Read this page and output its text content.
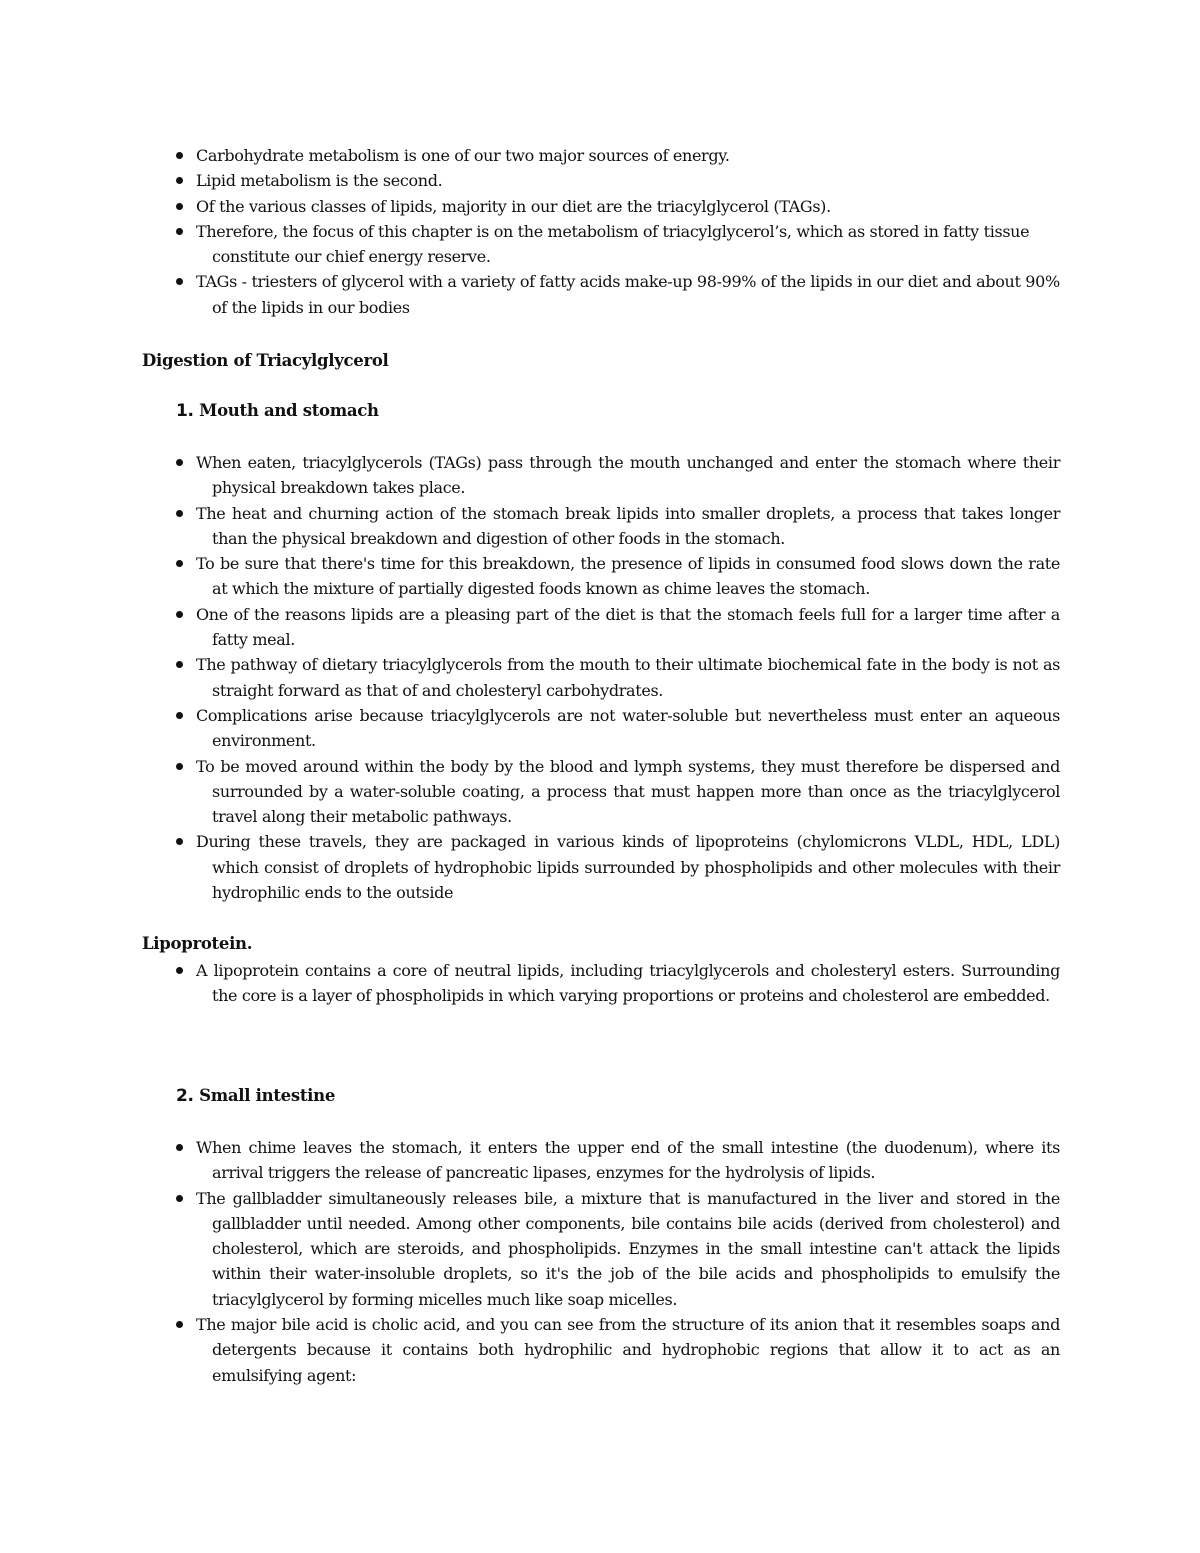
Carbohydrate metabolism is one of our two major sources of energy.
Lipid metabolism is the second.
Of the various classes of lipids, majority in our diet are the triacylglycerol (TAGs).
Therefore, the focus of this chapter is on the metabolism of triacylglycerol’s, which as stored in fatty tissue constitute our chief energy reserve.
TAGs - triesters of glycerol with a variety of fatty acids make-up 98-99% of the lipids in our diet and about 90% of the lipids in our bodies
Digestion of Triacylglycerol
1. Mouth and stomach
When eaten, triacylglycerols (TAGs) pass through the mouth unchanged and enter the stomach where their physical breakdown takes place.
The heat and churning action of the stomach break lipids into smaller droplets, a process that takes longer than the physical breakdown and digestion of other foods in the stomach.
To be sure that there's time for this breakdown, the presence of lipids in consumed food slows down the rate at which the mixture of partially digested foods known as chime leaves the stomach.
One of the reasons lipids are a pleasing part of the diet is that the stomach feels full for a larger time after a fatty meal.
The pathway of dietary triacylglycerols from the mouth to their ultimate biochemical fate in the body is not as straight forward as that of and cholesteryl carbohydrates.
Complications arise because triacylglycerols are not water-soluble but nevertheless must enter an aqueous environment.
To be moved around within the body by the blood and lymph systems, they must therefore be dispersed and surrounded by a water-soluble coating, a process that must happen more than once as the triacylglycerol travel along their metabolic pathways.
During these travels, they are packaged in various kinds of lipoproteins (chylomicrons VLDL, HDL, LDL) which consist of droplets of hydrophobic lipids surrounded by phospholipids and other molecules with their hydrophilic ends to the outside
Lipoprotein.
A lipoprotein contains a core of neutral lipids, including triacylglycerols and cholesteryl esters. Surrounding the core is a layer of phospholipids in which varying proportions or proteins and cholesterol are embedded.
2. Small intestine
When chime leaves the stomach, it enters the upper end of the small intestine (the duodenum), where its arrival triggers the release of pancreatic lipases, enzymes for the hydrolysis of lipids.
The gallbladder simultaneously releases bile, a mixture that is manufactured in the liver and stored in the gallbladder until needed. Among other components, bile contains bile acids (derived from cholesterol) and cholesterol, which are steroids, and phospholipids. Enzymes in the small intestine can't attack the lipids within their water-insoluble droplets, so it's the job of the bile acids and phospholipids to emulsify the triacylglycerol by forming micelles much like soap micelles.
The major bile acid is cholic acid, and you can see from the structure of its anion that it resembles soaps and detergents because it contains both hydrophilic and hydrophobic regions that allow it to act as an emulsifying agent:
